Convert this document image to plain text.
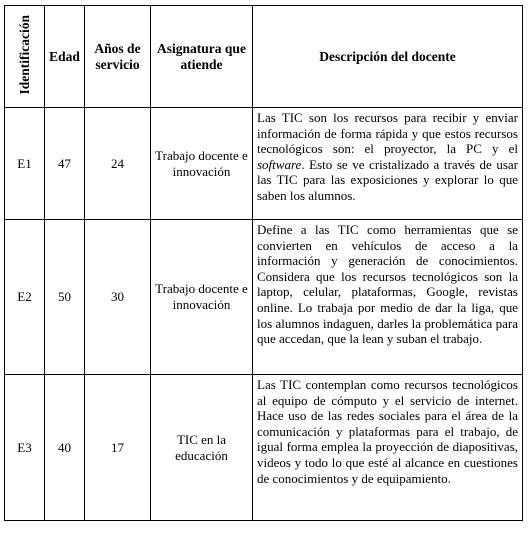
Identificación	Edad	Años de servicio	Asignatura que atiende	Descripción del docente
E1	47	24	Trabajo docente e innovación	Las TIC son los recursos para recibir y enviar información de forma rápida y que estos recursos tecnológicos son: el proyector, la PC y el software. Esto se ve cristalizado a través de usar las TIC para las exposiciones y explorar lo que saben los alumnos.
E2	50	30	Trabajo docente e innovación	Define a las TIC como herramientas que se convierten en vehículos de acceso a la información y generación de conocimientos. Considera que los recursos tecnológicos son la laptop, celular, plataformas, Google, revistas online. Lo trabaja por medio de dar la liga, que los alumnos indaguen, darles la problemática para que accedan, que la lean y suban el trabajo.
E3	40	17	TIC en la educación	Las TIC contemplan como recursos tecnológicos al equipo de cómputo y el servicio de internet. Hace uso de las redes sociales para el área de la comunicación y plataformas para el trabajo, de igual forma emplea la proyección de diapositivas, videos y todo lo que esté al alcance en cuestiones de conocimientos y de equipamiento.
